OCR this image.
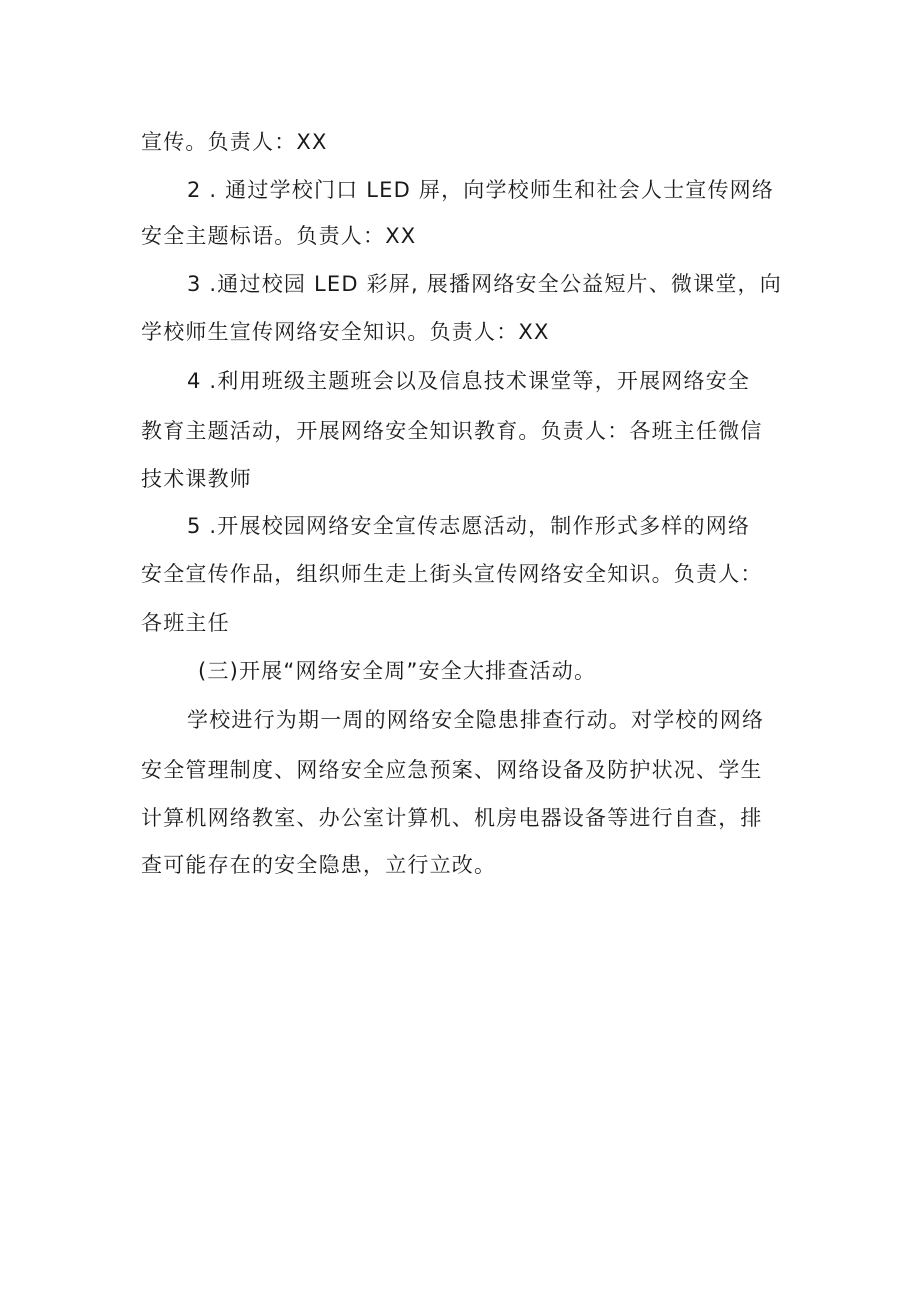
宣传。负责人：XX
2 . 通过学校门口 LED 屏，向学校师生和社会人士宣传网络
安全主题标语。负责人：XX
3 .通过校园 LED 彩屏, 展播网络安全公益短片、微课堂，向
学校师生宣传网络安全知识。负责人：XX
4 .利用班级主题班会以及信息技术课堂等，开展网络安全
教育主题活动，开展网络安全知识教育。负责人：各班主任微信
技术课教师
5 .开展校园网络安全宣传志愿活动，制作形式多样的网络
安全宣传作品，组织师生走上街头宣传网络安全知识。负责人：
各班主任
(三)开展“网络安全周”安全大排查活动。
学校进行为期一周的网络安全隐患排查行动。对学校的网络
安全管理制度、网络安全应急预案、网络设备及防护状况、学生
计算机网络教室、办公室计算机、机房电器设备等进行自查，排
查可能存在的安全隐患，立行立改。
